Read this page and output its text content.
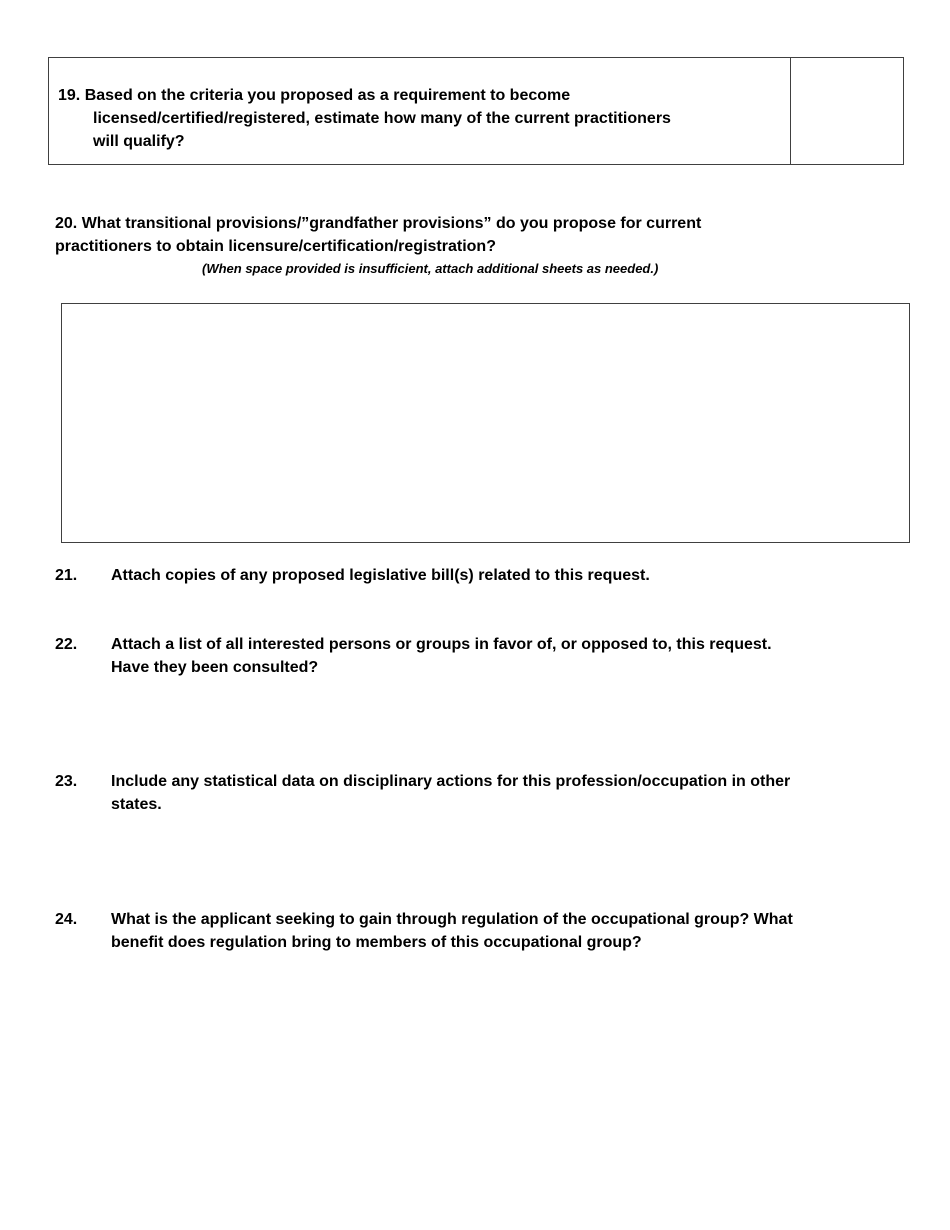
19. Based on the criteria you proposed as a requirement to become
licensed/certified/registered, estimate how many of the current practitioners
will qualify?
20. What transitional provisions/”grandfather provisions” do you propose for current
practitioners to obtain licensure/certification/registration?
(When space provided is insufficient, attach additional sheets as needed.)
21. Attach copies of any proposed legislative bill(s) related to this request.
22. Attach a list of all interested persons or groups in favor of, or opposed to, this request.
Have they been consulted?
23. Include any statistical data on disciplinary actions for this profession/occupation in other
states.
24. What is the applicant seeking to gain through regulation of the occupational group? What
benefit does regulation bring to members of this occupational group?
